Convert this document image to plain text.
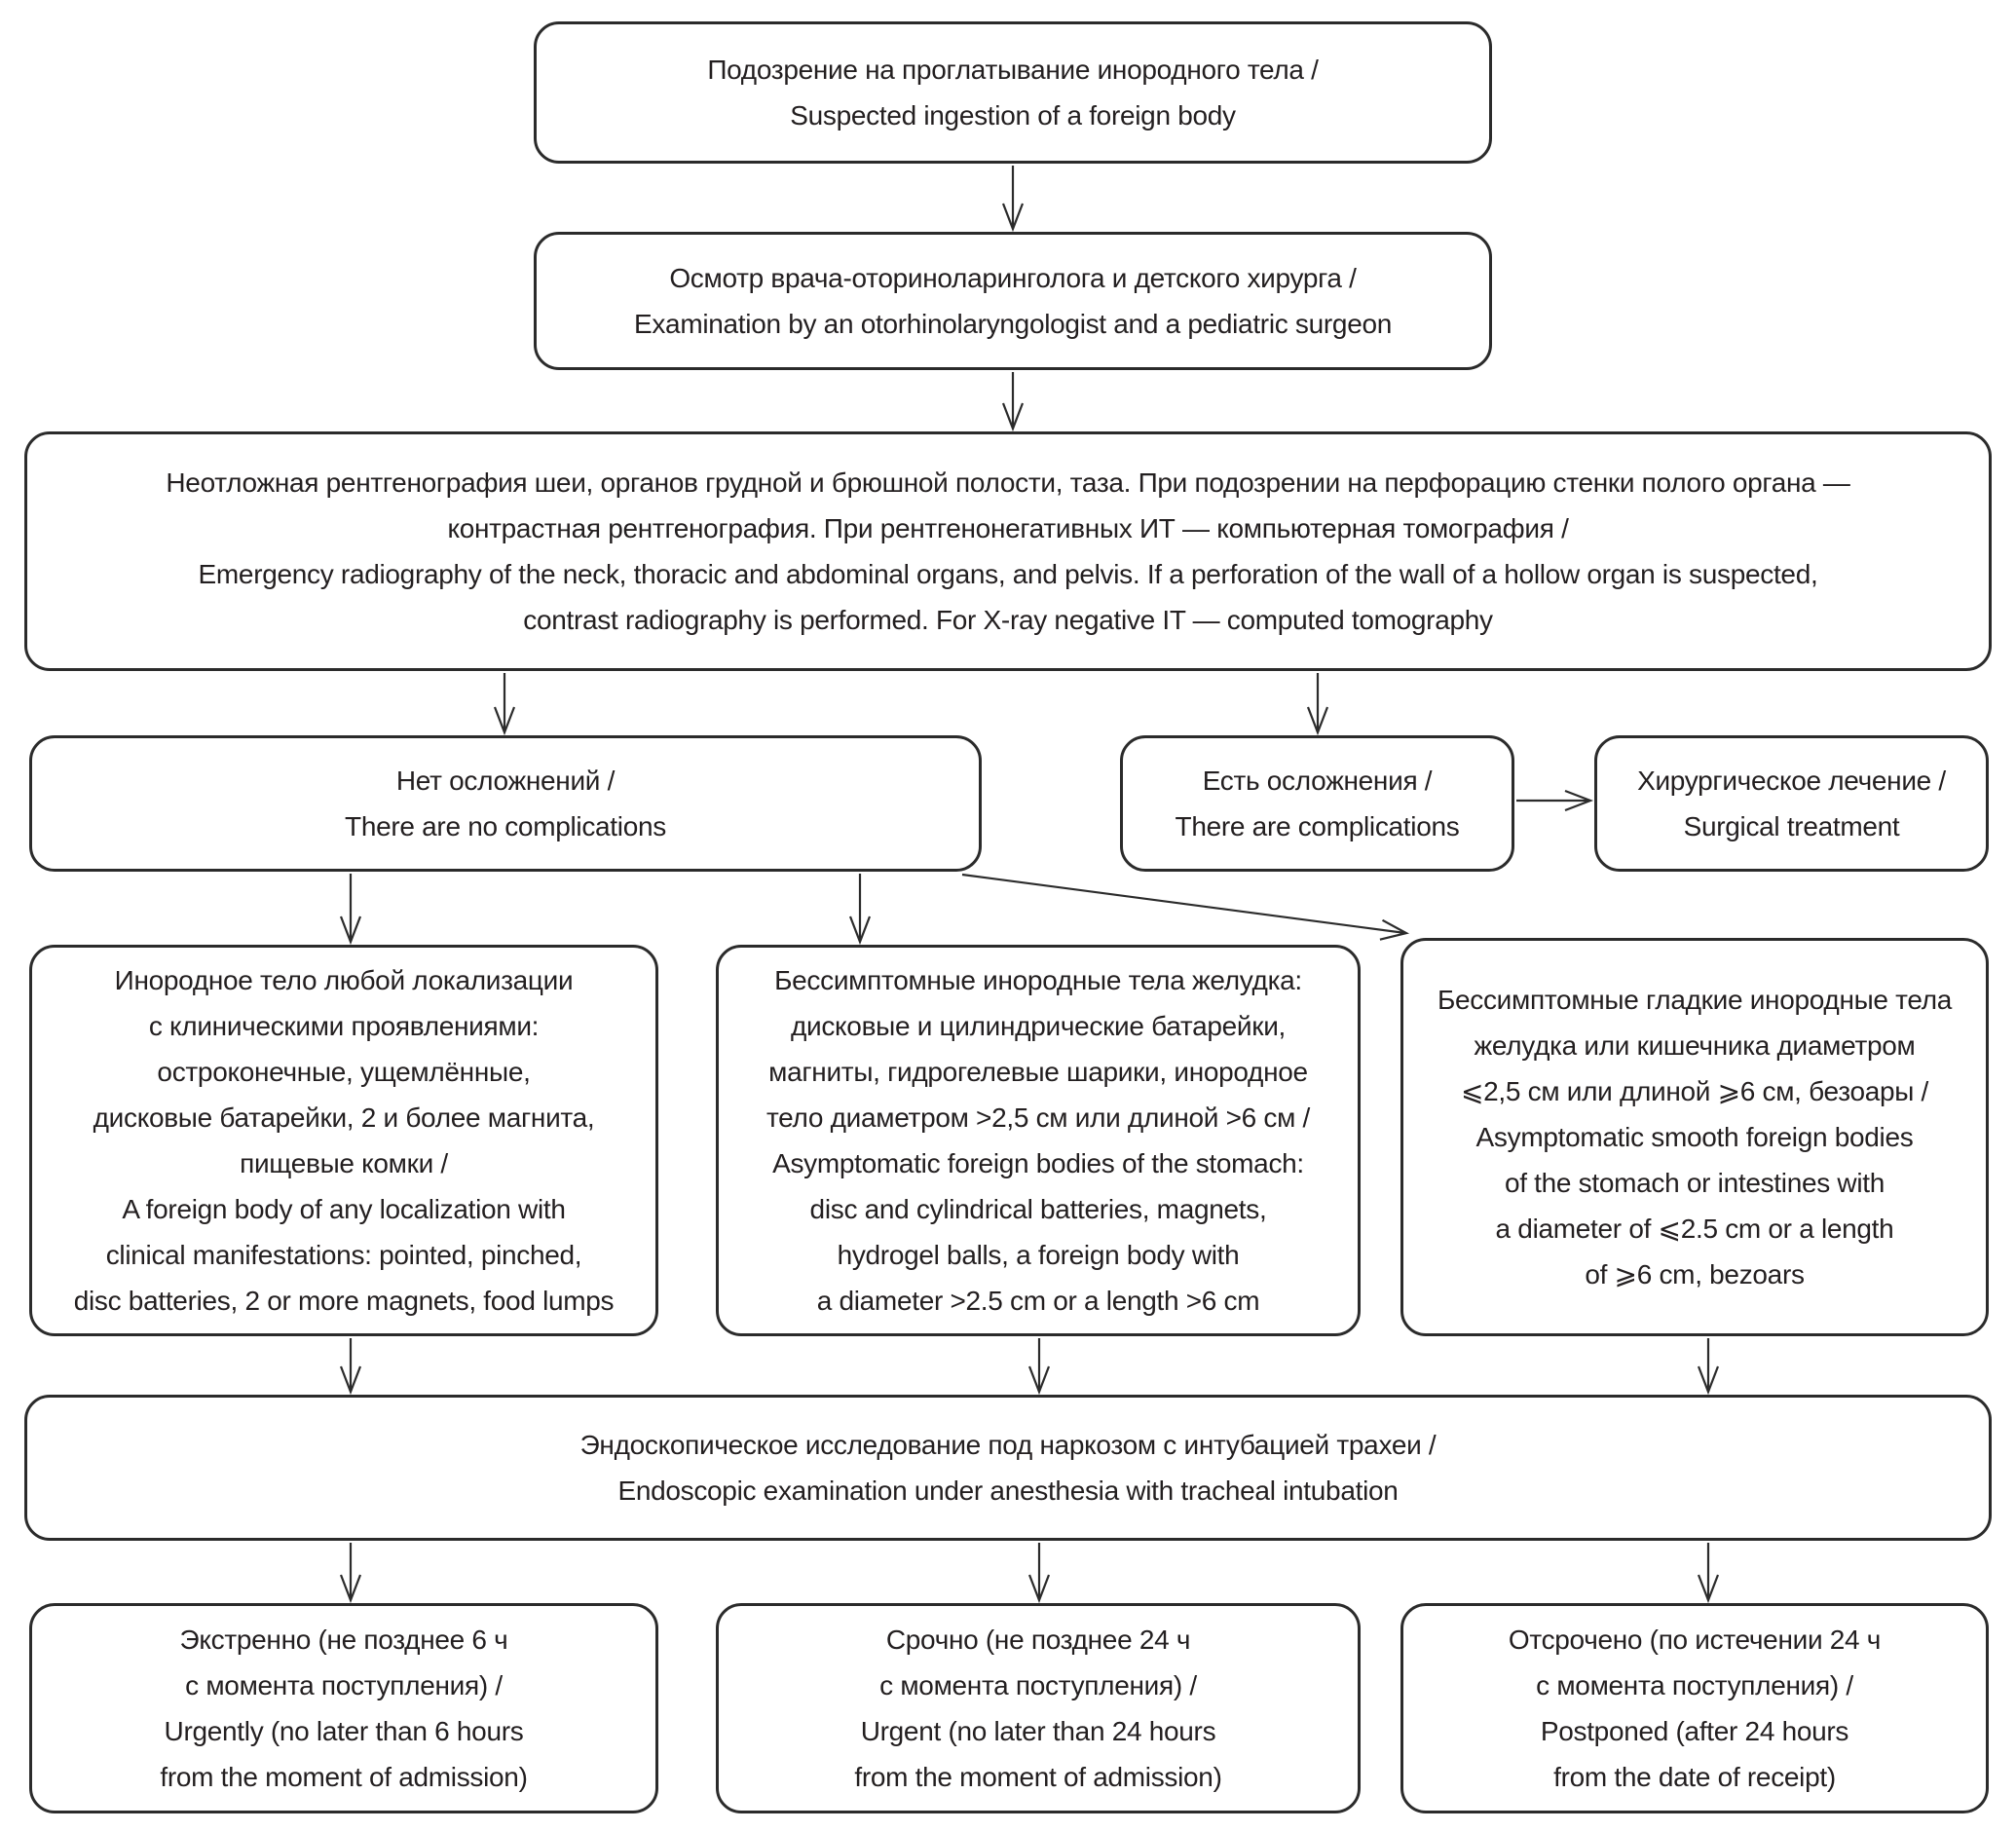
Подозрение на проглатывание инородного тела /
Suspected ingestion of a foreign body
Осмотр врача-оториноларинголога и детского хирурга /
Examination by an otorhinolaryngologist and a pediatric surgeon
Неотложная рентгенография шеи, органов грудной и брюшной полости, таза. При подозрении на перфорацию стенки полого органа —
контрастная рентгенография. При рентгенонегативных ИТ — компьютерная томография /
Emergency radiography of the neck, thoracic and abdominal organs, and pelvis. If a perforation of the wall of a hollow organ is suspected,
contrast radiography is performed. For X-ray negative IT — computed tomography
Нет осложнений /
There are no complications
Есть осложнения /
There are complications
Хирургическое лечение /
Surgical treatment
Инородное тело любой локализации
с клиническими проявлениями:
остроконечные, ущемлённые,
дисковые батарейки, 2 и более магнита,
пищевые комки /
A foreign body of any localization with
clinical manifestations: pointed, pinched,
disc batteries, 2 or more magnets, food lumps
Бессимптомные инородные тела желудка:
дисковые и цилиндрические батарейки,
магниты, гидрогелевые шарики, инородное
тело диаметром >2,5 см или длиной >6 см /
Asymptomatic foreign bodies of the stomach:
disc and cylindrical batteries, magnets,
hydrogel balls, a foreign body with
a diameter >2.5 cm or a length >6 cm
Бессимптомные гладкие инородные тела
желудка или кишечника диаметром
⩽2,5 см или длиной ⩾6 см, безоары /
Asymptomatic smooth foreign bodies
of the stomach or intestines with
a diameter of ⩽2.5 cm or a length
of ⩾6 cm, bezoars
Эндоскопическое исследование под наркозом с интубацией трахеи /
Endoscopic examination under anesthesia with tracheal intubation
Экстренно (не позднее 6 ч
с момента поступления) /
Urgently (no later than 6 hours
from the moment of admission)
Срочно (не позднее 24 ч
с момента поступления) /
Urgent (no later than 24 hours
from the moment of admission)
Отсрочено (по истечении 24 ч
с момента поступления) /
Postponed (after 24 hours
from the date of receipt)
